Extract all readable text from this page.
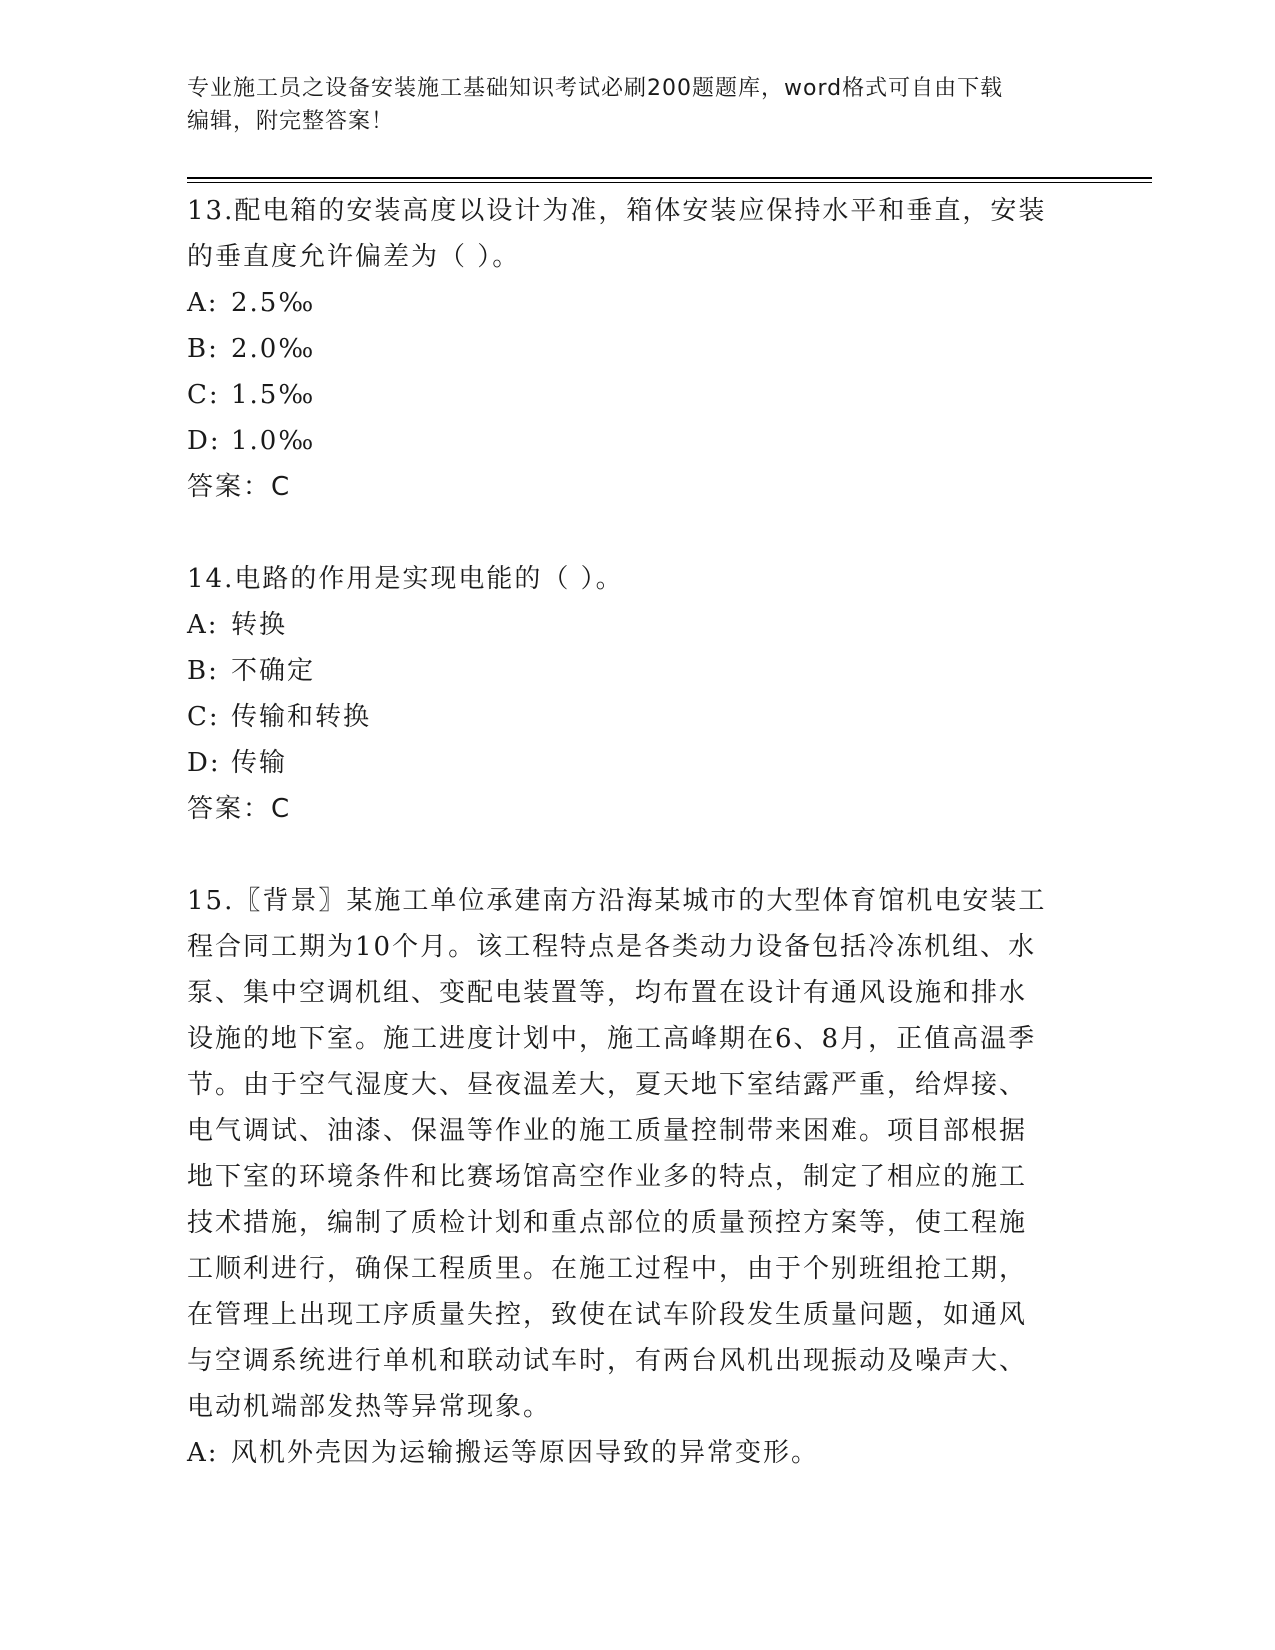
专业施工员之设备安装施工基础知识考试必刷200题题库，word格式可自由下载
编辑，附完整答案！
13.配电箱的安装高度以设计为准，箱体安装应保持水平和垂直，安装
的垂直度允许偏差为（ ）。
A: 2.5‰
B: 2.0‰
C: 1.5‰
D: 1.0‰
答案：C
14.电路的作用是实现电能的（ ）。
A: 转换
B: 不确定
C: 传输和转换
D: 传输
答案：C
15.〖背景〗某施工单位承建南方沿海某城市的大型体育馆机电安装工
程合同工期为10个月。该工程特点是各类动力设备包括冷冻机组、水
泵、集中空调机组、变配电装置等，均布置在设计有通风设施和排水
设施的地下室。施工进度计划中，施工高峰期在6、8月，正值高温季
节。由于空气湿度大、昼夜温差大，夏天地下室结露严重，给焊接、
电气调试、油漆、保温等作业的施工质量控制带来困难。项目部根据
地下室的环境条件和比赛场馆高空作业多的特点，制定了相应的施工
技术措施，编制了质检计划和重点部位的质量预控方案等，使工程施
工顺利进行，确保工程质里。在施工过程中，由于个别班组抢工期，
在管理上出现工序质量失控，致使在试车阶段发生质量问题，如通风
与空调系统进行单机和联动试车时，有两台风机出现振动及噪声大、
电动机端部发热等异常现象。
A: 风机外壳因为运输搬运等原因导致的异常变形。
